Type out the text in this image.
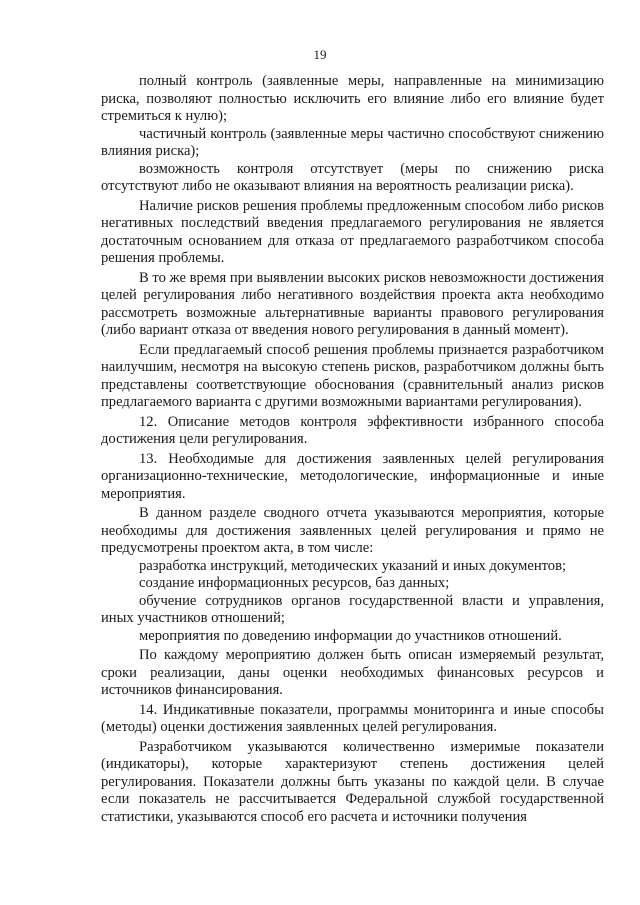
19

полный контроль (заявленные меры, направленные на минимизацию риска, позволяют полностью исключить его влияние либо его влияние будет стремиться к нулю);

частичный контроль (заявленные меры частично способствуют снижению влияния риска);

возможность контроля отсутствует (меры по снижению риска отсутствуют либо не оказывают влияния на вероятность реализации риска).

Наличие рисков решения проблемы предложенным способом либо рисков негативных последствий введения предлагаемого регулирования не является достаточным основанием для отказа от предлагаемого разработчиком способа решения проблемы.

В то же время при выявлении высоких рисков невозможности достижения целей регулирования либо негативного воздействия проекта акта необходимо рассмотреть возможные альтернативные варианты правового регулирования (либо вариант отказа от введения нового регулирования в данный момент).

Если предлагаемый способ решения проблемы признается разработчиком наилучшим, несмотря на высокую степень рисков, разработчиком должны быть представлены соответствующие обоснования (сравнительный анализ рисков предлагаемого варианта с другими возможными вариантами регулирования).

12. Описание методов контроля эффективности избранного способа достижения цели регулирования.

13. Необходимые для достижения заявленных целей регулирования организационно-технические, методологические, информационные и иные мероприятия.

В данном разделе сводного отчета указываются мероприятия, которые необходимы для достижения заявленных целей регулирования и прямо не предусмотрены проектом акта, в том числе:

разработка инструкций, методических указаний и иных документов;

создание информационных ресурсов, баз данных;

обучение сотрудников органов государственной власти и управления, иных участников отношений;

мероприятия по доведению информации до участников отношений.

По каждому мероприятию должен быть описан измеряемый результат, сроки реализации, даны оценки необходимых финансовых ресурсов и источников финансирования.

14. Индикативные показатели, программы мониторинга и иные способы (методы) оценки достижения заявленных целей регулирования.

Разработчиком указываются количественно измеримые показатели (индикаторы), которые характеризуют степень достижения целей регулирования. Показатели должны быть указаны по каждой цели. В случае если показатель не рассчитывается Федеральной службой государственной статистики, указываются способ его расчета и источники получения
